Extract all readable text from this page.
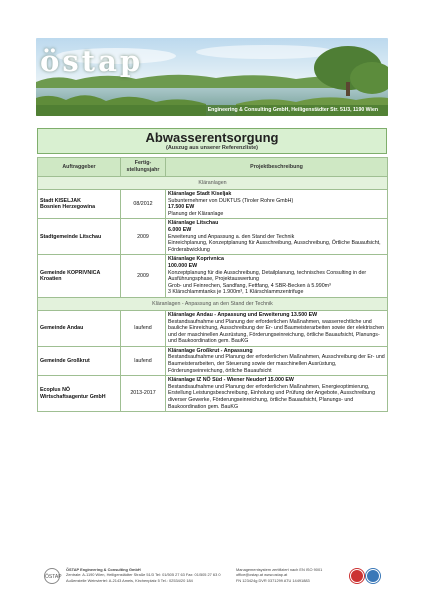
östap
Engineering & Consulting GmbH, Heiligenstädter Str. 51/3, 1190 Wien
Abwasserentsorgung
(Auszug aus unserer Referenzliste)
Auftraggeber	Fertig-stellungsjahr	Projektbeschreibung
Kläranlagen		

Stadt KISELJAK
Bosnien Herzegowina	08/2012	Kläranlage Stadt Kiseljak
Subunternehmer von DUKTUS (Tiroler Rohre GmbH)
17.500 EW
Planung der Kläranlage

Stadtgemeinde Litschau	2009	Kläranlage Litschau
6.000 EW
Erweiterung und Anpassung a. den Stand der Technik
Einreichplanung, Konzeptplanung für Ausschreibung, Ausschreibung, Örtliche Bauaufsicht, Förderabwicklung

Gemeinde KOPRIVNICA
Kroatien	2009	Kläranlage Koprivnica
100.000 EW
Konzeptplanung für die Ausschreibung, Detailplanung, technisches Consulting in der Ausführungsphase, Projektauswertung
Grob- und Feinrechen, Sandfang, Fettfang, 4 SBR-Becken à 5.990m³
3 Klärschlammtanks je 1.900m³, 1 Klärschlammzentrifuge

Kläranlagen - Anpassung an den Stand der Technik		

Gemeinde Andau	laufend	Kläranlage Andau - Anpassung und Erweiterung 13.500 EW
Bestandsaufnahme und Planung der erforderlichen Maßnahmen, wasserrechtliche und bauliche Einreichung, Ausschreibung der Er- und Baumeisterarbeiten sowie der elektrischen und der maschinellen Ausrüstung, Förderungseinreichung, örtliche Bauaufsicht, Planungs- und Baukoordination gem. BauKG

Gemeinde Großkrut	laufend	Kläranlage Großkrut - Anpassung
Bestandsaufnahme und Planung der erforderlichen Maßnahmen, Ausschreibung der Er- und Baumeisterarbeiten, der Steuerung sowie der maschinellen Ausrüstung, Förderungseinreichung, örtliche Bauaufsicht

Ecoplus NÖ
Wirtschaftsagentur GmbH	2013-2017	Kläranlage IZ NÖ Süd - Wiener Neudorf 15.000 EW
Bestandsaufnahme und Planung der erforderlichen Maßnahmen, Energieoptimierung, Erstellung Leistungsbeschreibung, Einholung und Prüfung der Angebote, Ausschreibung diverser Gewerke, Förderungseinreichung, örtliche Bauaufsicht, Planungs- und Baukoordination gem. BauKG
ÖSTAP
ÖSTAP Engineering & Consulting GmbH
Zentrale: A-1190 Wien, Heiligenstädter Straße 51/3 Tel: 01/505 27 63 Fax: 01/505 27 63 0
Außenstelle Weinviertel: A-2143 Ameis, Kirchenplatz 5 Tel.: 02534/20 184
Managementsystem zertifiziert nach EN ISO 9001
office@ostap.at www.ostap.at
FN 123424g DVR 0371299 ATU 14491883
